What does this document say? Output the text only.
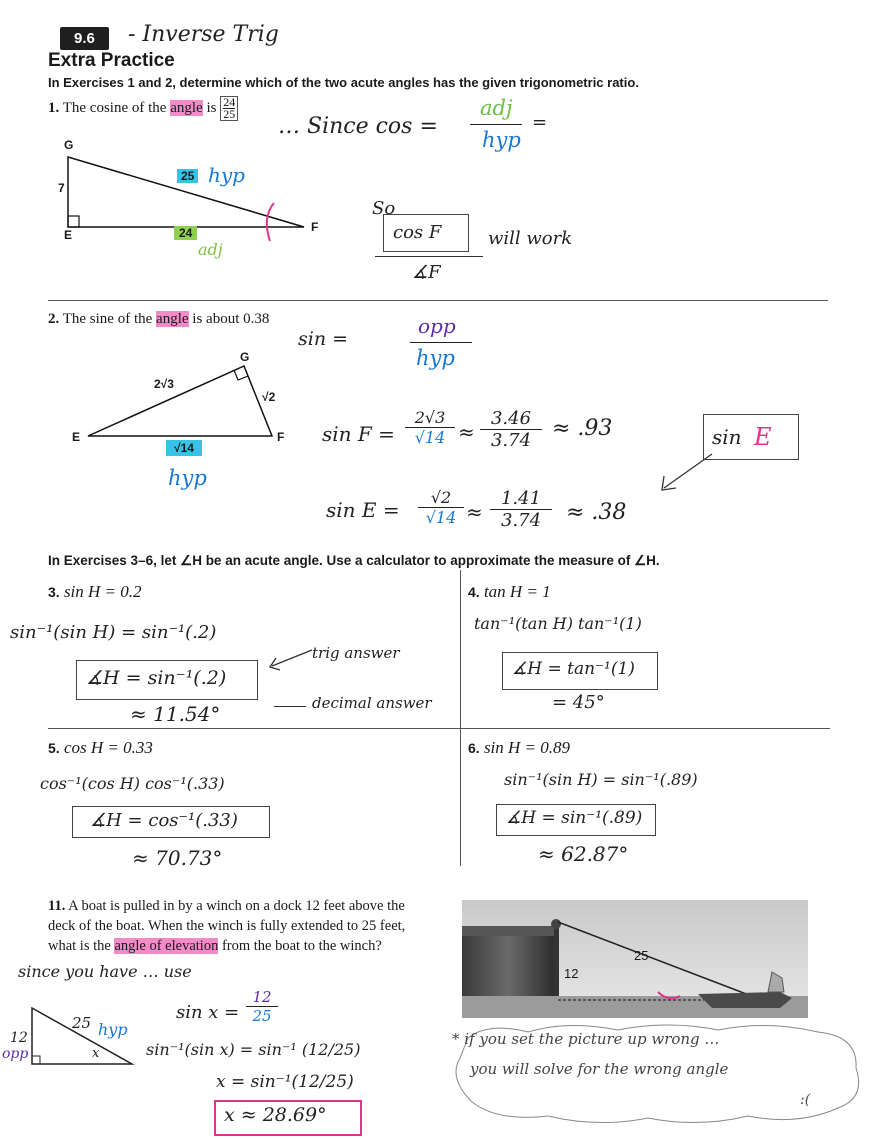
9.6	- Inverse Trig
Extra Practice
In Exercises 1 and 2, determine which of the two acute angles has the given trigonometric ratio.
1. The cosine of the angle is $\frac{24}{25}$
G
7
E
F
25 hyp
24
adj
… Since cos =
adj
hyp
=
So
cos F
∡F
will work
2. The sine of the angle is about 0.38
G
2√3
√2
E	F
√14
hyp
sin =
opp
hyp
sin F =
2√3
√14 ≈
3.46
3.74 ≈ .93
sin E =
√2
√14 ≈
1.41
3.74	≈ .38
sin E
In Exercises 3–6, let ∠H be an acute angle. Use a calculator to approximate the measure of ∠H.
3. sin H = 0.2
sin⁻¹(sin H) = sin⁻¹(.2)
∡H = sin⁻¹(.2)
≈ 11.54°
trig answer
decimal answer
4. tan H = 1
tan⁻¹(tan H) tan⁻¹(1)
∡H = tan⁻¹(1)
= 45°
5. cos H = 0.33
cos⁻¹(cos H) cos⁻¹(.33)
∡H = cos⁻¹(.33)
≈ 70.73°
6. sin H = 0.89
sin⁻¹(sin H) = sin⁻¹(.89)
∡H = sin⁻¹(.89)
≈ 62.87°
11. A boat is pulled in by a winch on a dock 12 feet above the
deck of the boat. When the winch is fully extended to 25 feet,
what is the angle of elevation from the boat to the winch?
25
12
since you have … use
sin x =
12
25
sin⁻¹(sin x) = sin⁻¹ (12/25)
x = sin⁻¹(12/25)
x ≈ 28.69°
12
opp
25 hyp
x
* if you set the picture up wrong …
you will solve for the wrong angle
:(
